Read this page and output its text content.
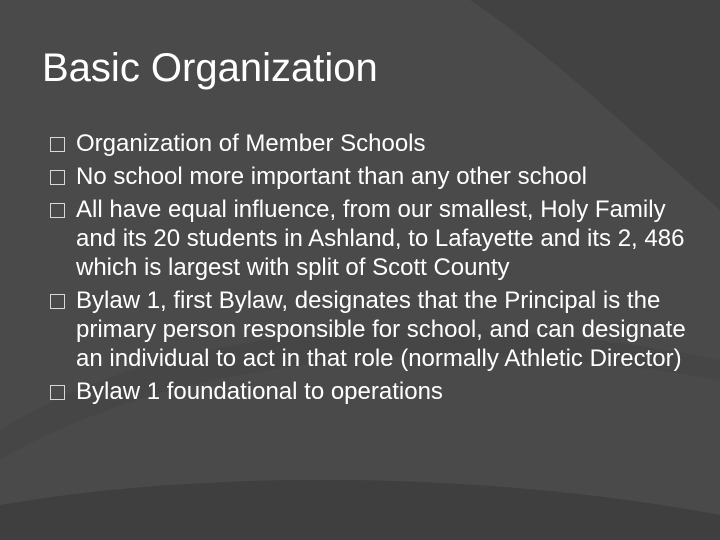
Basic Organization
Organization of Member Schools
No school more important than any other school
All have equal influence, from our smallest, Holy Family and its 20 students in Ashland, to Lafayette and its 2, 486 which is largest with split of Scott County
Bylaw 1, first Bylaw, designates that the Principal is the primary person responsible for school, and can designate an individual to act in that role (normally Athletic Director)
Bylaw 1 foundational to operations
